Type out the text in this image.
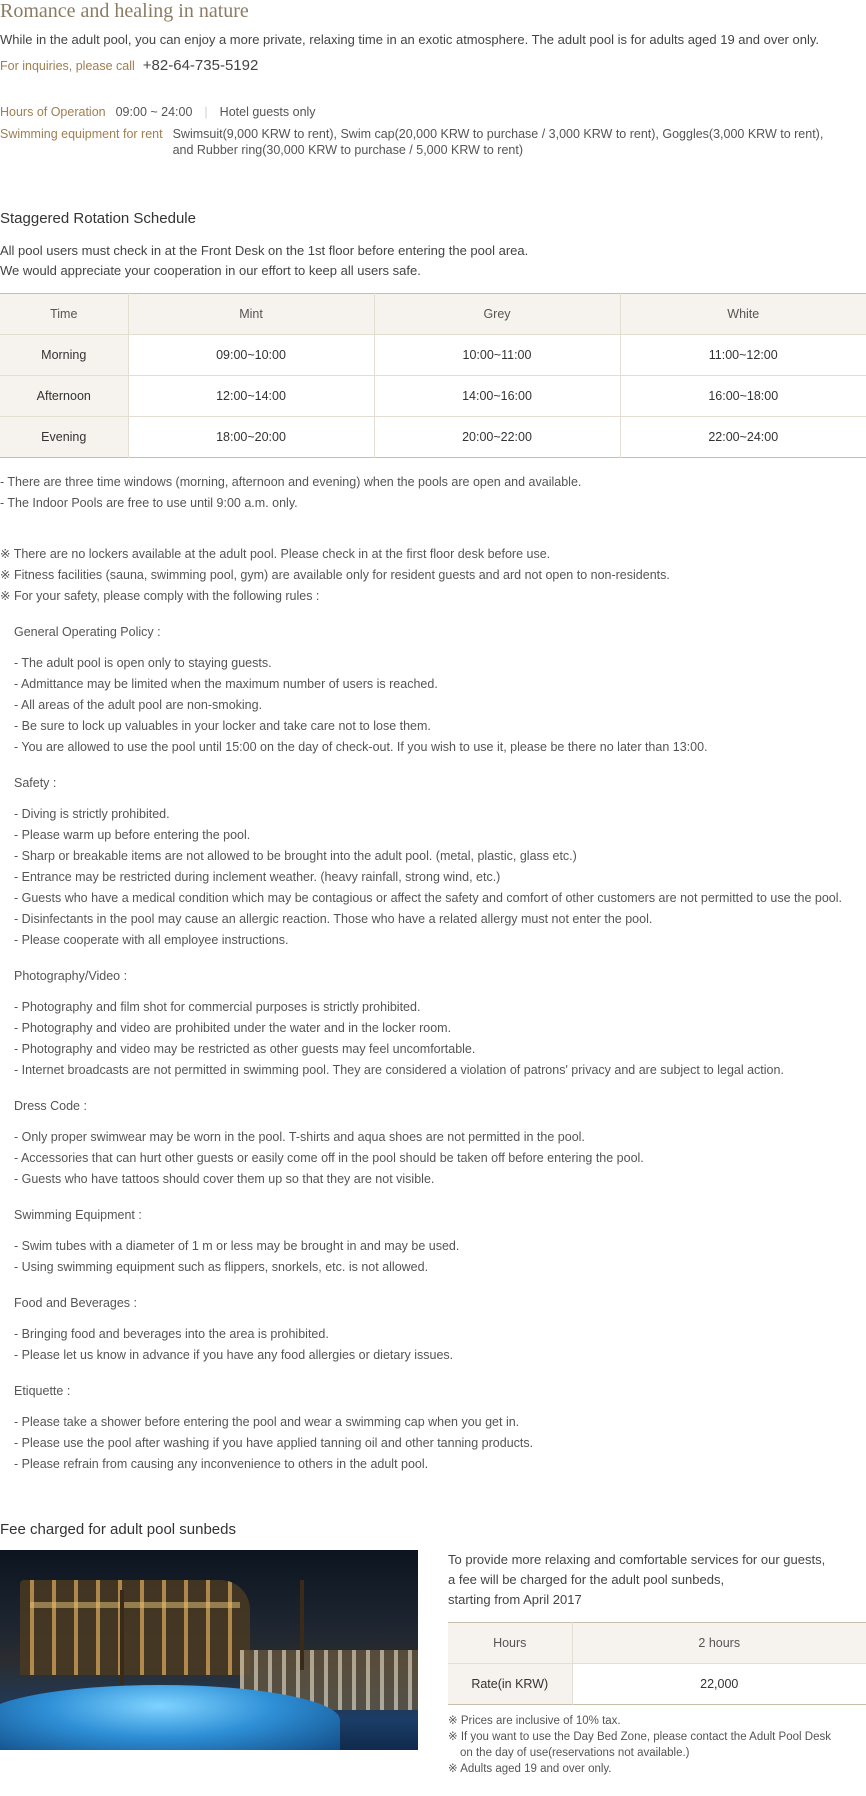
Romance and healing in nature
While in the adult pool, you can enjoy a more private, relaxing time in an exotic atmosphere. The adult pool is for adults aged 19 and over only.
For inquiries, please call +82-64-735-5192
Hours of Operation 09:00 ~ 24:00 | Hotel guests only
Swimming equipment for rent Swimsuit(9,000 KRW to rent), Swim cap(20,000 KRW to purchase / 3,000 KRW to rent), Goggles(3,000 KRW to rent),
and Rubber ring(30,000 KRW to purchase / 5,000 KRW to rent)
Staggered Rotation Schedule
All pool users must check in at the Front Desk on the 1st floor before entering the pool area.
We would appreciate your cooperation in our effort to keep all users safe.
Time	Mint	Grey	White
Morning	09:00~10:00	10:00~11:00	11:00~12:00
Afternoon	12:00~14:00	14:00~16:00	16:00~18:00
Evening	18:00~20:00	20:00~22:00	22:00~24:00
- There are three time windows (morning, afternoon and evening) when the pools are open and available.
- The Indoor Pools are free to use until 9:00 a.m. only.
※ There are no lockers available at the adult pool. Please check in at the first floor desk before use.
※ Fitness facilities (sauna, swimming pool, gym) are available only for resident guests and ard not open to non-residents.
※ For your safety, please comply with the following rules :
General Operating Policy :
- The adult pool is open only to staying guests.
- Admittance may be limited when the maximum number of users is reached.
- All areas of the adult pool are non-smoking.
- Be sure to lock up valuables in your locker and take care not to lose them.
- You are allowed to use the pool until 15:00 on the day of check-out. If you wish to use it, please be there no later than 13:00.
Safety :
- Diving is strictly prohibited.
- Please warm up before entering the pool.
- Sharp or breakable items are not allowed to be brought into the adult pool. (metal, plastic, glass etc.)
- Entrance may be restricted during inclement weather. (heavy rainfall, strong wind, etc.)
- Guests who have a medical condition which may be contagious or affect the safety and comfort of other customers are not permitted to use the pool.
- Disinfectants in the pool may cause an allergic reaction. Those who have a related allergy must not enter the pool.
- Please cooperate with all employee instructions.
Photography/Video :
- Photography and film shot for commercial purposes is strictly prohibited.
- Photography and video are prohibited under the water and in the locker room.
- Photography and video may be restricted as other guests may feel uncomfortable.
- Internet broadcasts are not permitted in swimming pool. They are considered a violation of patrons' privacy and are subject to legal action.
Dress Code :
- Only proper swimwear may be worn in the pool. T-shirts and aqua shoes are not permitted in the pool.
- Accessories that can hurt other guests or easily come off in the pool should be taken off before entering the pool.
- Guests who have tattoos should cover them up so that they are not visible.
Swimming Equipment :
- Swim tubes with a diameter of 1 m or less may be brought in and may be used.
- Using swimming equipment such as flippers, snorkels, etc. is not allowed.
Food and Beverages :
- Bringing food and beverages into the area is prohibited.
- Please let us know in advance if you have any food allergies or dietary issues.
Etiquette :
- Please take a shower before entering the pool and wear a swimming cap when you get in.
- Please use the pool after washing if you have applied tanning oil and other tanning products.
- Please refrain from causing any inconvenience to others in the adult pool.
Fee charged for adult pool sunbeds
To provide more relaxing and comfortable services for our guests,
a fee will be charged for the adult pool sunbeds,
starting from April 2017
Hours	2 hours
Rate(in KRW)	22,000
※ Prices are inclusive of 10% tax.
※ If you want to use the Day Bed Zone, please contact the Adult Pool Desk
on the day of use(reservations not available.)
※ Adults aged 19 and over only.
